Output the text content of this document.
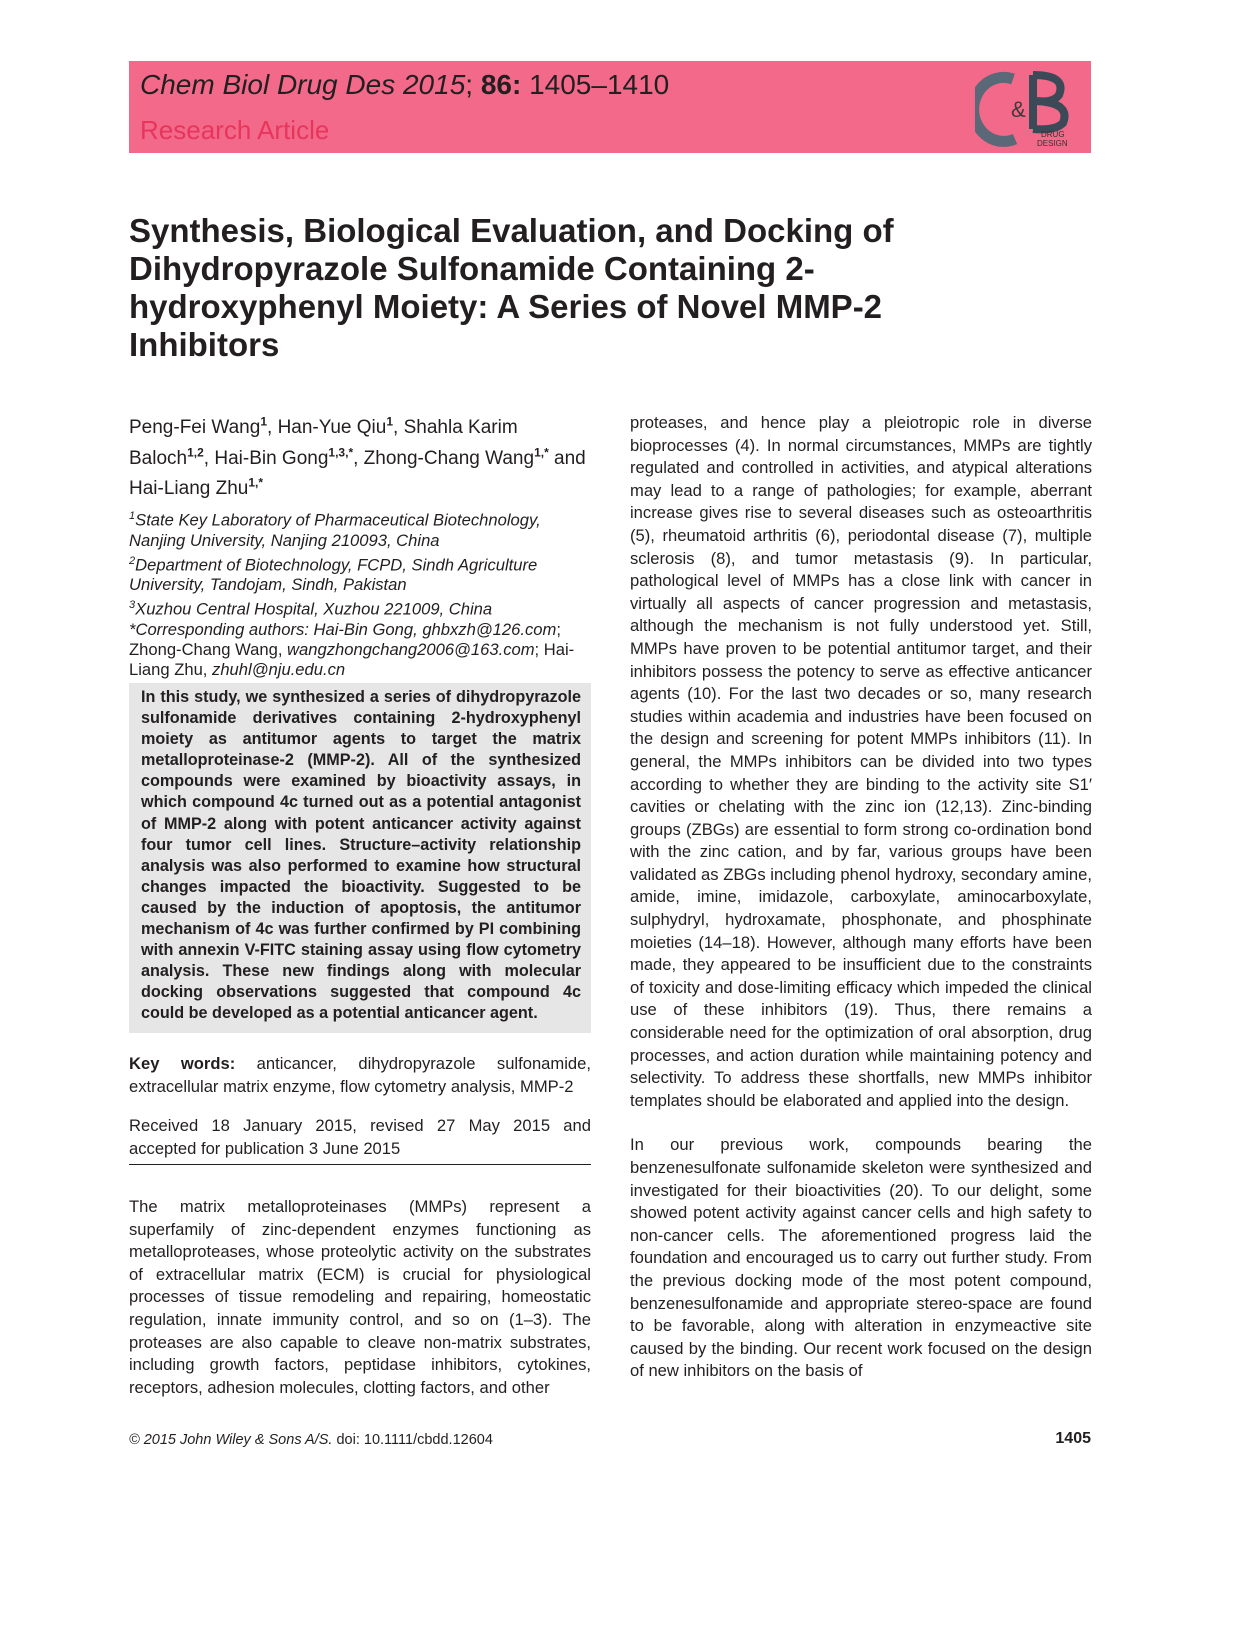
Chem Biol Drug Des 2015; 86: 1405–1410
Research Article
&
DRUG
DESIGN
Synthesis, Biological Evaluation, and Docking of Dihydropyrazole Sulfonamide Containing 2-hydroxyphenyl Moiety: A Series of Novel MMP-2 Inhibitors
Peng-Fei Wang$^1$, Han-Yue Qiu$^1$, Shahla Karim Baloch$^{1,2}$, Hai-Bin Gong$^{1,3,*}$, Zhong-Chang Wang$^{1,*}$ and Hai-Liang Zhu$^{1,*}$
$^1$State Key Laboratory of Pharmaceutical Biotechnology, Nanjing University, Nanjing 210093, China
$^2$Department of Biotechnology, FCPD, Sindh Agriculture University, Tandojam, Sindh, Pakistan
$^3$Xuzhou Central Hospital, Xuzhou 221009, China
*Corresponding authors: Hai-Bin Gong, ghbxzh@126.com; Zhong-Chang Wang, wangzhongchang2006@163.com; Hai-Liang Zhu, zhuhl@nju.edu.cn
In this study, we synthesized a series of dihydropyrazole sulfonamide derivatives containing 2-hydroxyphenyl moiety as antitumor agents to target the matrix metalloproteinase-2 (MMP-2). All of the synthesized compounds were examined by bioactivity assays, in which compound 4c turned out as a potential antagonist of MMP-2 along with potent anticancer activity against four tumor cell lines. Structure–activity relationship analysis was also performed to examine how structural changes impacted the bioactivity. Suggested to be caused by the induction of apoptosis, the antitumor mechanism of 4c was further confirmed by PI combining with annexin V-FITC staining assay using flow cytometry analysis. These new findings along with molecular docking observations suggested that compound 4c could be developed as a potential anticancer agent.
Key words: anticancer, dihydropyrazole sulfonamide, extracellular matrix enzyme, flow cytometry analysis, MMP-2
Received 18 January 2015, revised 27 May 2015 and accepted for publication 3 June 2015
The matrix metalloproteinases (MMPs) represent a superfamily of zinc-dependent enzymes functioning as metalloproteases, whose proteolytic activity on the substrates of extracellular matrix (ECM) is crucial for physiological processes of tissue remodeling and repairing, homeostatic regulation, innate immunity control, and so on (1–3). The proteases are also capable to cleave non-matrix substrates, including growth factors, peptidase inhibitors, cytokines, receptors, adhesion molecules, clotting factors, and other

proteases, and hence play a pleiotropic role in diverse bioprocesses (4). In normal circumstances, MMPs are tightly regulated and controlled in activities, and atypical alterations may lead to a range of pathologies; for example, aberrant increase gives rise to several diseases such as osteoarthritis (5), rheumatoid arthritis (6), periodontal disease (7), multiple sclerosis (8), and tumor metastasis (9). In particular, pathological level of MMPs has a close link with cancer in virtually all aspects of cancer progression and metastasis, although the mechanism is not fully understood yet. Still, MMPs have proven to be potential antitumor target, and their inhibitors possess the potency to serve as effective anticancer agents (10). For the last two decades or so, many research studies within academia and industries have been focused on the design and screening for potent MMPs inhibitors (11). In general, the MMPs inhibitors can be divided into two types according to whether they are binding to the activity site S1′ cavities or chelating with the zinc ion (12,13). Zinc-binding groups (ZBGs) are essential to form strong co-ordination bond with the zinc cation, and by far, various groups have been validated as ZBGs including phenol hydroxy, secondary amine, amide, imine, imidazole, carboxylate, aminocarboxylate, sulphydryl, hydroxamate, phosphonate, and phosphinate moieties (14–18). However, although many efforts have been made, they appeared to be insufficient due to the constraints of toxicity and dose-limiting efficacy which impeded the clinical use of these inhibitors (19). Thus, there remains a considerable need for the optimization of oral absorption, drug processes, and action duration while maintaining potency and selectivity. To address these shortfalls, new MMPs inhibitor templates should be elaborated and applied into the design.

In our previous work, compounds bearing the benzenesulfonate sulfonamide skeleton were synthesized and investigated for their bioactivities (20). To our delight, some showed potent activity against cancer cells and high safety to non-cancer cells. The aforementioned progress laid the foundation and encouraged us to carry out further study. From the previous docking mode of the most potent compound, benzenesulfonamide and appropriate stereo-space are found to be favorable, along with alteration in enzymeactive site caused by the binding. Our recent work focused on the design of new inhibitors on the basis of

© 2015 John Wiley & Sons A/S. doi: 10.1111/cbdd.12604	1405
